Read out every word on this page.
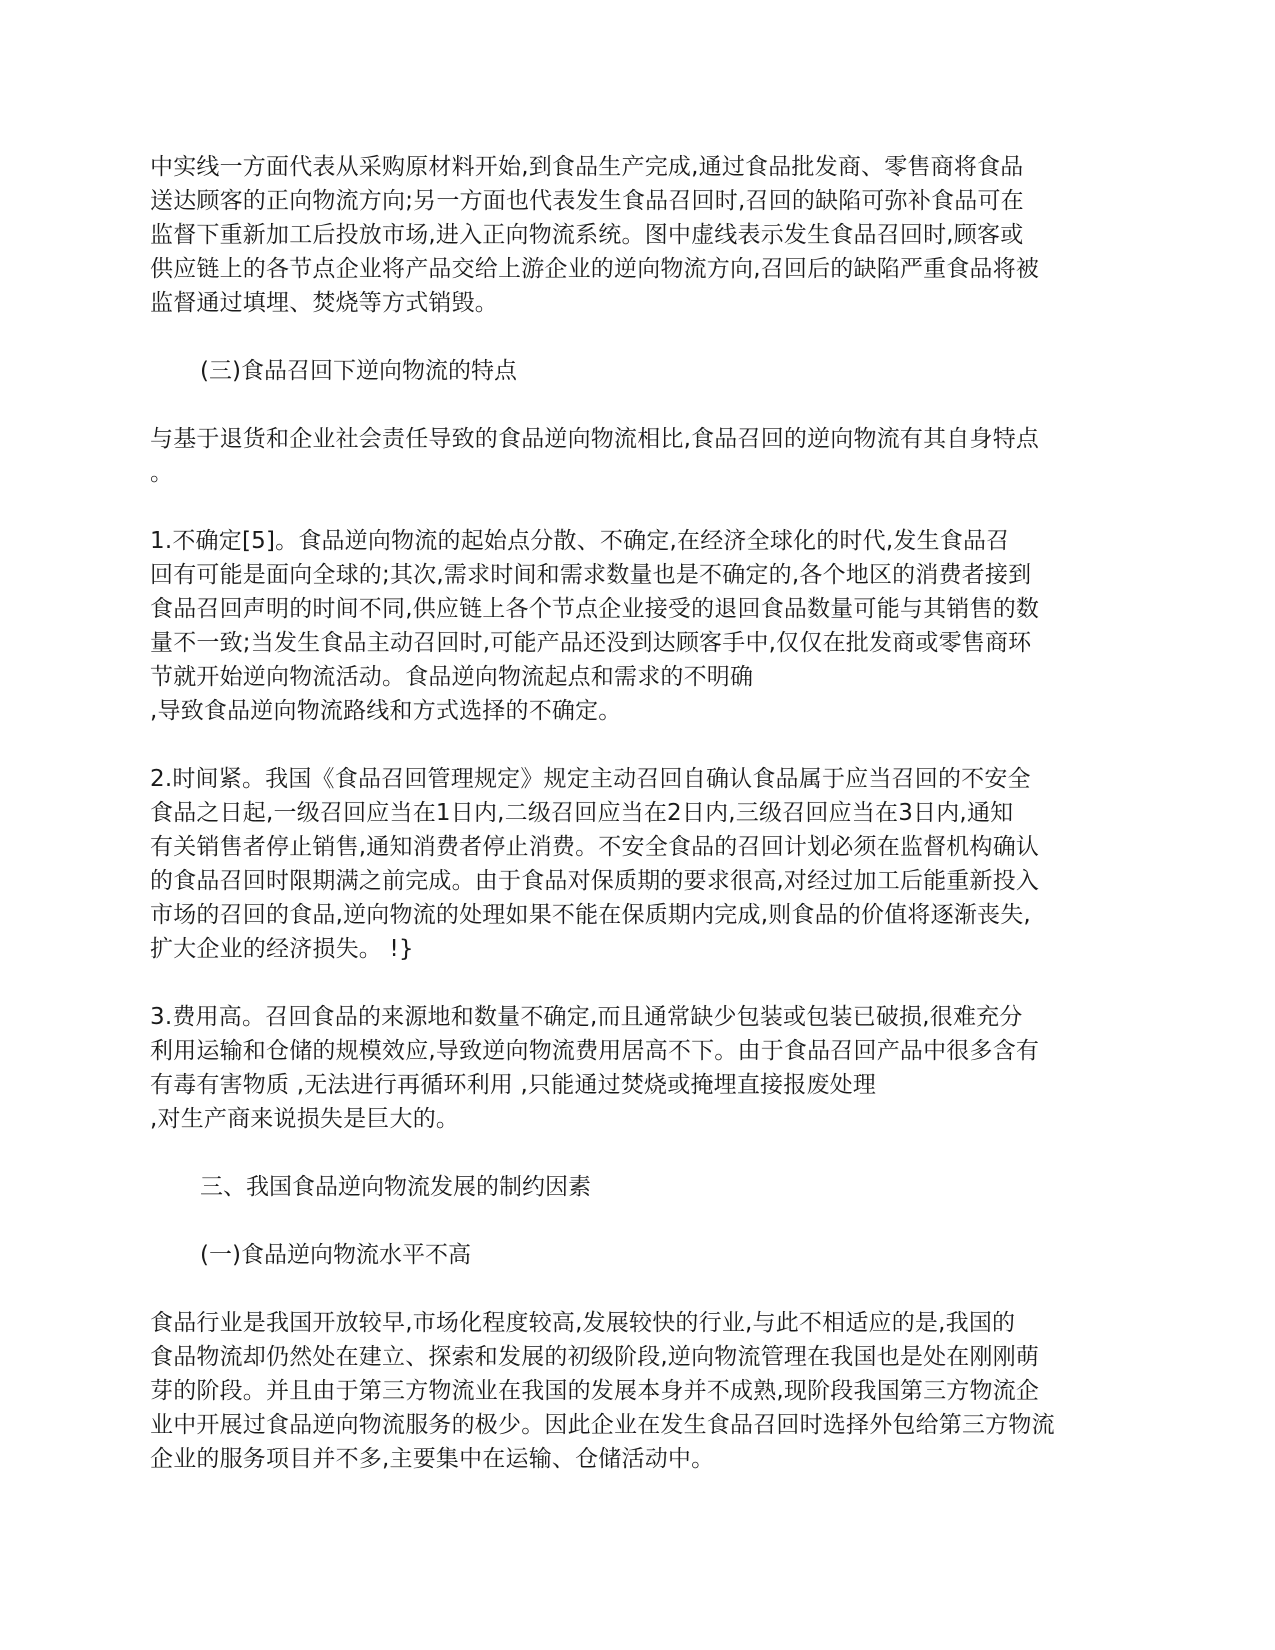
中实线一方面代表从采购原材料开始,到食品生产完成,通过食品批发商、零售商将食品
送达顾客的正向物流方向;另一方面也代表发生食品召回时,召回的缺陷可弥补食品可在
监督下重新加工后投放市场,进入正向物流系统。图中虚线表示发生食品召回时,顾客或
供应链上的各节点企业将产品交给上游企业的逆向物流方向,召回后的缺陷严重食品将被
监督通过填埋、焚烧等方式销毁。
(三)食品召回下逆向物流的特点
与基于退货和企业社会责任导致的食品逆向物流相比,食品召回的逆向物流有其自身特点
。
1.不确定[5]。食品逆向物流的起始点分散、不确定,在经济全球化的时代,发生食品召
回有可能是面向全球的;其次,需求时间和需求数量也是不确定的,各个地区的消费者接到
食品召回声明的时间不同,供应链上各个节点企业接受的退回食品数量可能与其销售的数
量不一致;当发生食品主动召回时,可能产品还没到达顾客手中,仅仅在批发商或零售商环
节就开始逆向物流活动。食品逆向物流起点和需求的不明确
,导致食品逆向物流路线和方式选择的不确定。
2.时间紧。我国《食品召回管理规定》规定主动召回自确认食品属于应当召回的不安全
食品之日起,一级召回应当在1日内,二级召回应当在2日内,三级召回应当在3日内,通知
有关销售者停止销售,通知消费者停止消费。不安全食品的召回计划必须在监督机构确认
的食品召回时限期满之前完成。由于食品对保质期的要求很高,对经过加工后能重新投入
市场的召回的食品,逆向物流的处理如果不能在保质期内完成,则食品的价值将逐渐丧失,
扩大企业的经济损失。 !}
3.费用高。召回食品的来源地和数量不确定,而且通常缺少包装或包装已破损,很难充分
利用运输和仓储的规模效应,导致逆向物流费用居高不下。由于食品召回产品中很多含有
有毒有害物质 ,无法进行再循环利用 ,只能通过焚烧或掩埋直接报废处理
,对生产商来说损失是巨大的。
三、我国食品逆向物流发展的制约因素
(一)食品逆向物流水平不高
食品行业是我国开放较早,市场化程度较高,发展较快的行业,与此不相适应的是,我国的
食品物流却仍然处在建立、探索和发展的初级阶段,逆向物流管理在我国也是处在刚刚萌
芽的阶段。并且由于第三方物流业在我国的发展本身并不成熟,现阶段我国第三方物流企
业中开展过食品逆向物流服务的极少。因此企业在发生食品召回时选择外包给第三方物流
企业的服务项目并不多,主要集中在运输、仓储活动中。
